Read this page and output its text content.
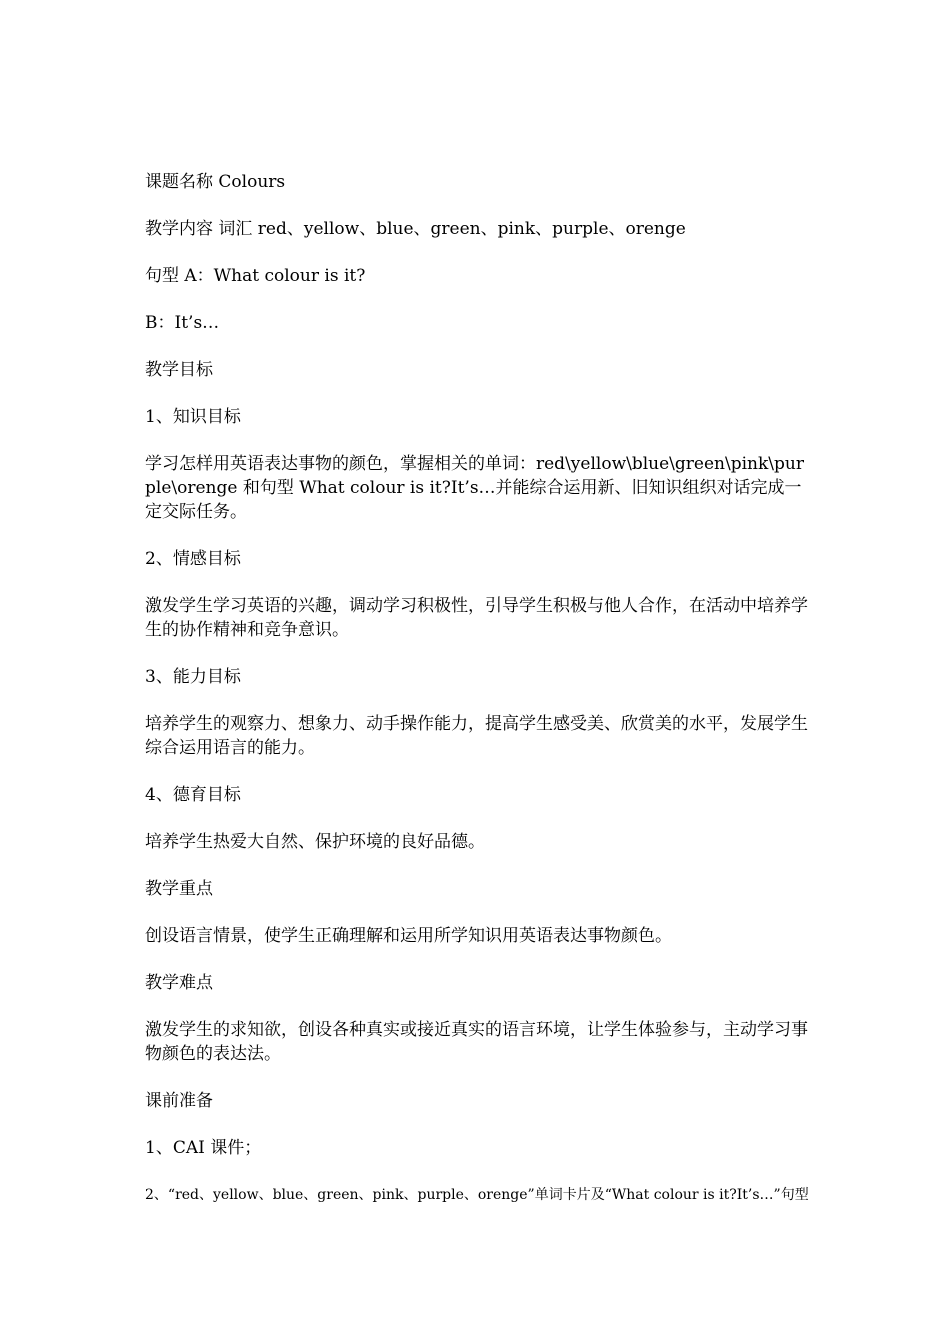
课题名称 Colours

教学内容 词汇 red、yellow、blue、green、pink、purple、orenge

句型 A：What colour is it?

B：It’s…

教学目标

1、知识目标

学习怎样用英语表达事物的颜色，掌握相关的单词：red\yellow\blue\green\pink\purple\orenge 和句型 What colour is it?It’s…并能综合运用新、旧知识组织对话完成一定交际任务。

2、情感目标

激发学生学习英语的兴趣，调动学习积极性，引导学生积极与他人合作，在活动中培养学生的协作精神和竞争意识。

3、能力目标

培养学生的观察力、想象力、动手操作能力，提高学生感受美、欣赏美的水平，发展学生综合运用语言的能力。

4、德育目标

培养学生热爱大自然、保护环境的良好品德。

教学重点

创设语言情景，使学生正确理解和运用所学知识用英语表达事物颜色。

教学难点

激发学生的求知欲，创设各种真实或接近真实的语言环境，让学生体验参与，主动学习事物颜色的表达法。

课前准备

1、CAI 课件；

2、“red、yellow、blue、green、pink、purple、orenge”单词卡片及“What colour is it?It’s…”句型
